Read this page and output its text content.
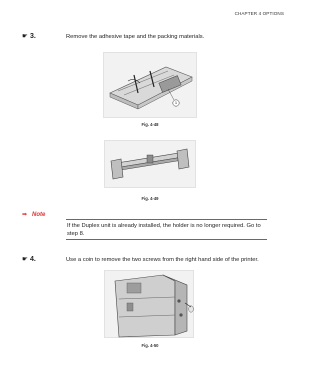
CHAPTER 4 OPTIONS
☛ 3.	Remove the adhesive tape and the packing materials.
1
Fig. 4-48
Fig. 4-49
➡ Note
If the Duplex unit is already installed, the holder is no longer required. Go to step 8.
☛ 4.	Use a coin to remove the two screws from the right hand side of the printer.
Fig. 4-50
